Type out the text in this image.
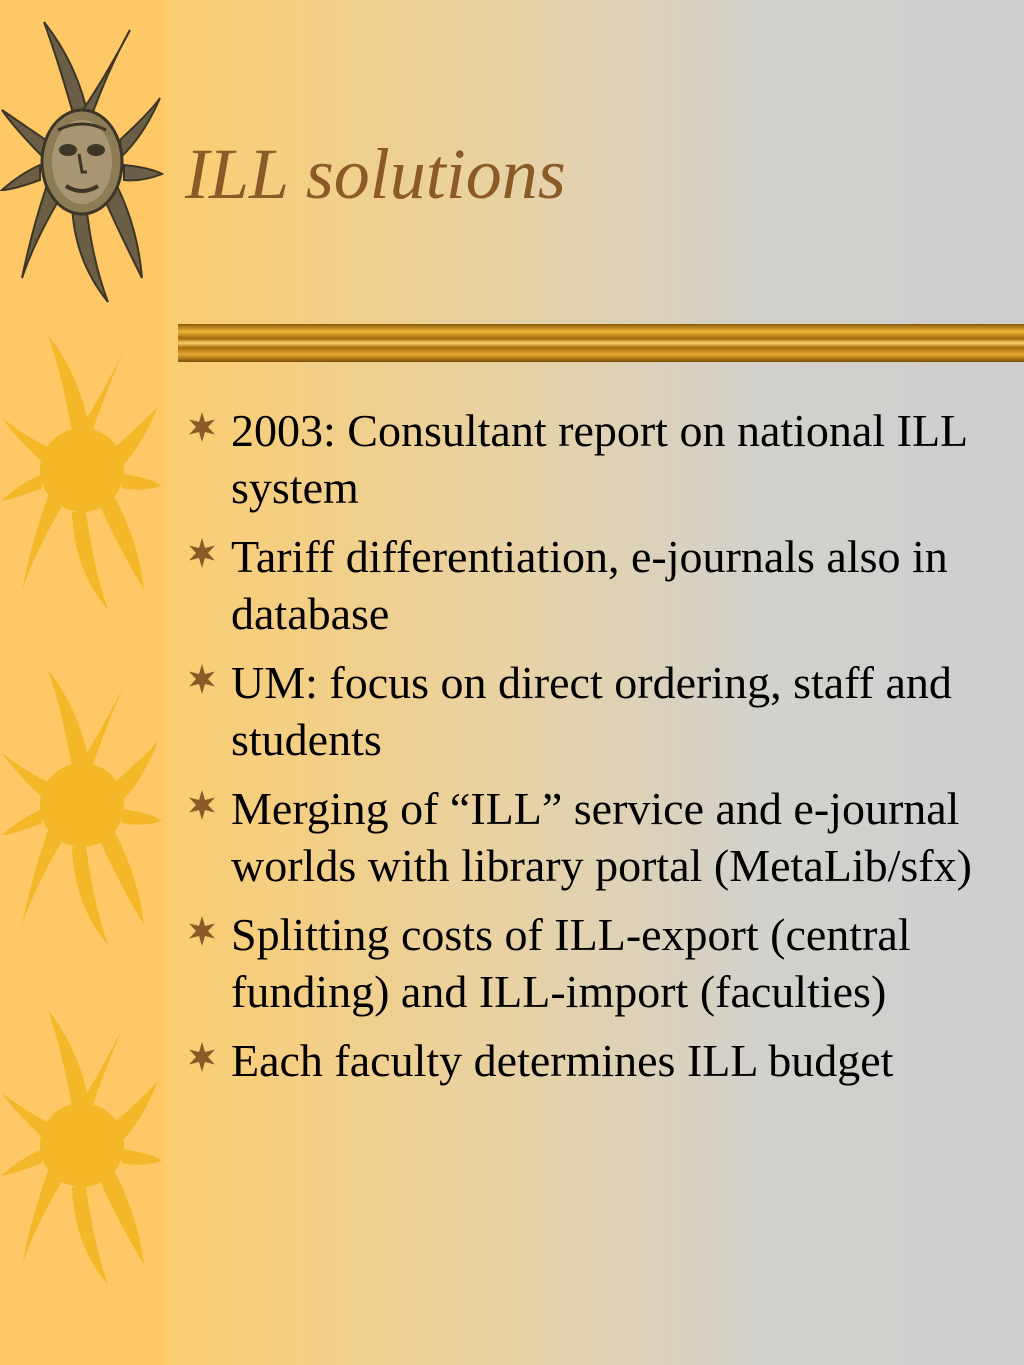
ILL solutions
2003: Consultant report on national ILL system
Tariff differentiation, e-journals also in database
UM: focus on direct ordering, staff and students
Merging of “ILL” service and e-journal worlds with library portal (MetaLib/sfx)
Splitting costs of ILL-export (central funding) and ILL-import (faculties)
Each faculty determines ILL budget
